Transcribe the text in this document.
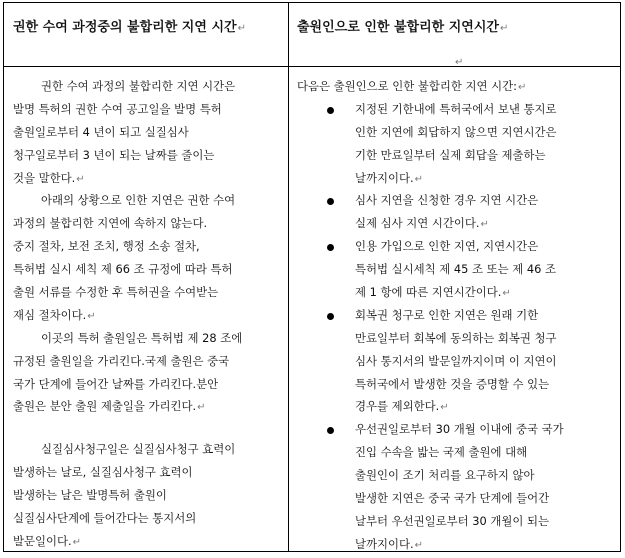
권한 수여 과정중의 불합리한 지연 시간↵	출원인으로 인한 불합리한 지연시간↵
↵
권한 수여 과정의 불합리한 지연 시간은
발명 특허의 권한 수여 공고일을 발명 특허
출원일로부터 4 년이 되고 실질심사
청구일로부터 3 년이 되는 날짜를 줄이는
것을 말한다.↵
아래의 상황으로 인한 지연은 권한 수여
과정의 불합리한 지연에 속하지 않는다.
중지 절차, 보전 조치, 행정 소송 절차,
특허법 실시 세칙 제 66 조 규정에 따라 특허
출원 서류를 수정한 후 특허권을 수여받는
재심 절차이다.↵
이곳의 특허 출원일은 특허법 제 28 조에
규정된 출원일을 가리킨다.국제 출원은 중국
국가 단계에 들어간 날짜를 가리킨다.분안
출원은 분안 출원 제출일을 가리킨다.↵
실질심사청구일은 실질심사청구 효력이
발생하는 날로, 실질심사청구 효력이
발생하는 날은 발명특허 출원이
실질심사단계에 들어간다는 통지서의
발문일이다.↵
다음은 출원인으로 인한 불합리한 지연 시간:↵
지정된 기한내에 특허국에서 보낸 통지로
인한 지연에 회답하지 않으면 지연시간은
기한 만료일부터 실제 회답을 제출하는
날까지이다.↵
심사 지연을 신청한 경우 지연 시간은
실제 심사 지연 시간이다.↵
인용 가입으로 인한 지연, 지연시간은
특허법 실시세칙 제 45 조 또는 제 46 조
제 1 항에 따른 지연시간이다.↵
회복권 청구로 인한 지연은 원래 기한
만료일부터 회복에 동의하는 회복권 청구
심사 통지서의 발문일까지이며 이 지연이
특허국에서 발생한 것을 증명할 수 있는
경우를 제외한다.↵
우선권일로부터 30 개월 이내에 중국 국가
진입 수속을 밟는 국제 출원에 대해
출원인이 조기 처리를 요구하지 않아
발생한 지연은 중국 국가 단계에 들어간
날부터 우선권일로부터 30 개월이 되는
날까지이다.↵
